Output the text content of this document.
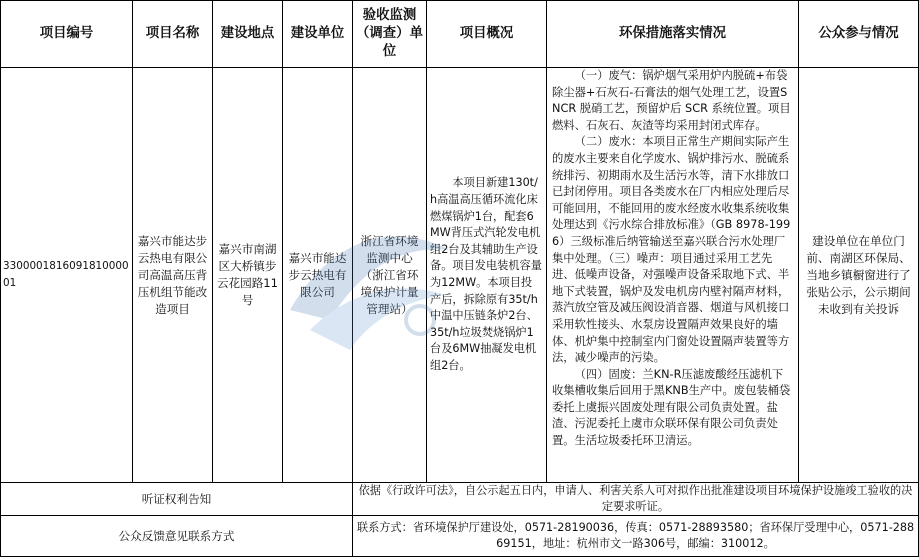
项目编号	项目名称	建设地点	建设单位	验收监测（调查）单位	项目概况	环保措施落实情况	公众参与情况
330000181609181000001	嘉兴市能达步云热电有限公司高温高压背压机组节能改造项目	嘉兴市南湖区大桥镇步云花园路11号	嘉兴市能达步云热电有限公司	浙江省环境监测中心（浙江省环境保护计量管理站）	本项目新建130t/h高温高压循环流化床燃煤锅炉1台，配套6MW背压式汽轮发电机组2台及其辅助生产设备。项目发电装机容量为12MW。本项目投产后，拆除原有35t/h中温中压链条炉2台、35t/h垃圾焚烧锅炉1台及6MW抽凝发电机组2台。	（一）废气：锅炉烟气采用炉内脱硫+布袋除尘器+石灰石-石膏法的烟气处理工艺，设置SNCR 脱硝工艺，预留炉后 SCR 系统位置。项目燃料、石灰石、灰渣等均采用封闭式库存。

（二）废水：本项目正常生产期间实际产生的废水主要来自化学废水、锅炉排污水、脱硫系统排污、初期雨水及生活污水等，清下水排放口已封闭停用。项目各类废水在厂内相应处理后尽可能回用，不能回用的废水经废水收集系统收集处理达到《污水综合排放标准》（GB 8978-1996）三级标准后纳管输送至嘉兴联合污水处理厂集中处理。（三）噪声：项目通过采用工艺先进、低噪声设备，对强噪声设备采取地下式、半地下式装置，锅炉及发电机房内壁衬隔声材料，蒸汽放空管及减压阀设消音器、烟道与风机接口采用软性接头、水泵房设置隔声效果良好的墙体、机炉集中控制室内门窗处设置隔声装置等方法，减少噪声的污染。

（四）固废：兰KN-R压滤废酸经压滤机下收集槽收集后回用于黑KNB生产中。废包装桶袋委托上虞振兴固废处理有限公司负责处置。盐渣、污泥委托上虞市众联环保有限公司负责处置。生活垃圾委托环卫清运。	建设单位在单位门前、南湖区环保局、当地乡镇橱窗进行了张贴公示，公示期间未收到有关投诉
听证权利告知				依据《行政许可法》，自公示起五日内，申请人、利害关系人可对拟作出批准建设项目环境保护设施竣工验收的决定要求听证。			
公众反馈意见联系方式				联系方式：省环境保护厅建设处，0571-28190036，传真：0571-28893580；省环保厅受理中心，0571-28869151，地址：杭州市文一路306号，邮编：310012。			
